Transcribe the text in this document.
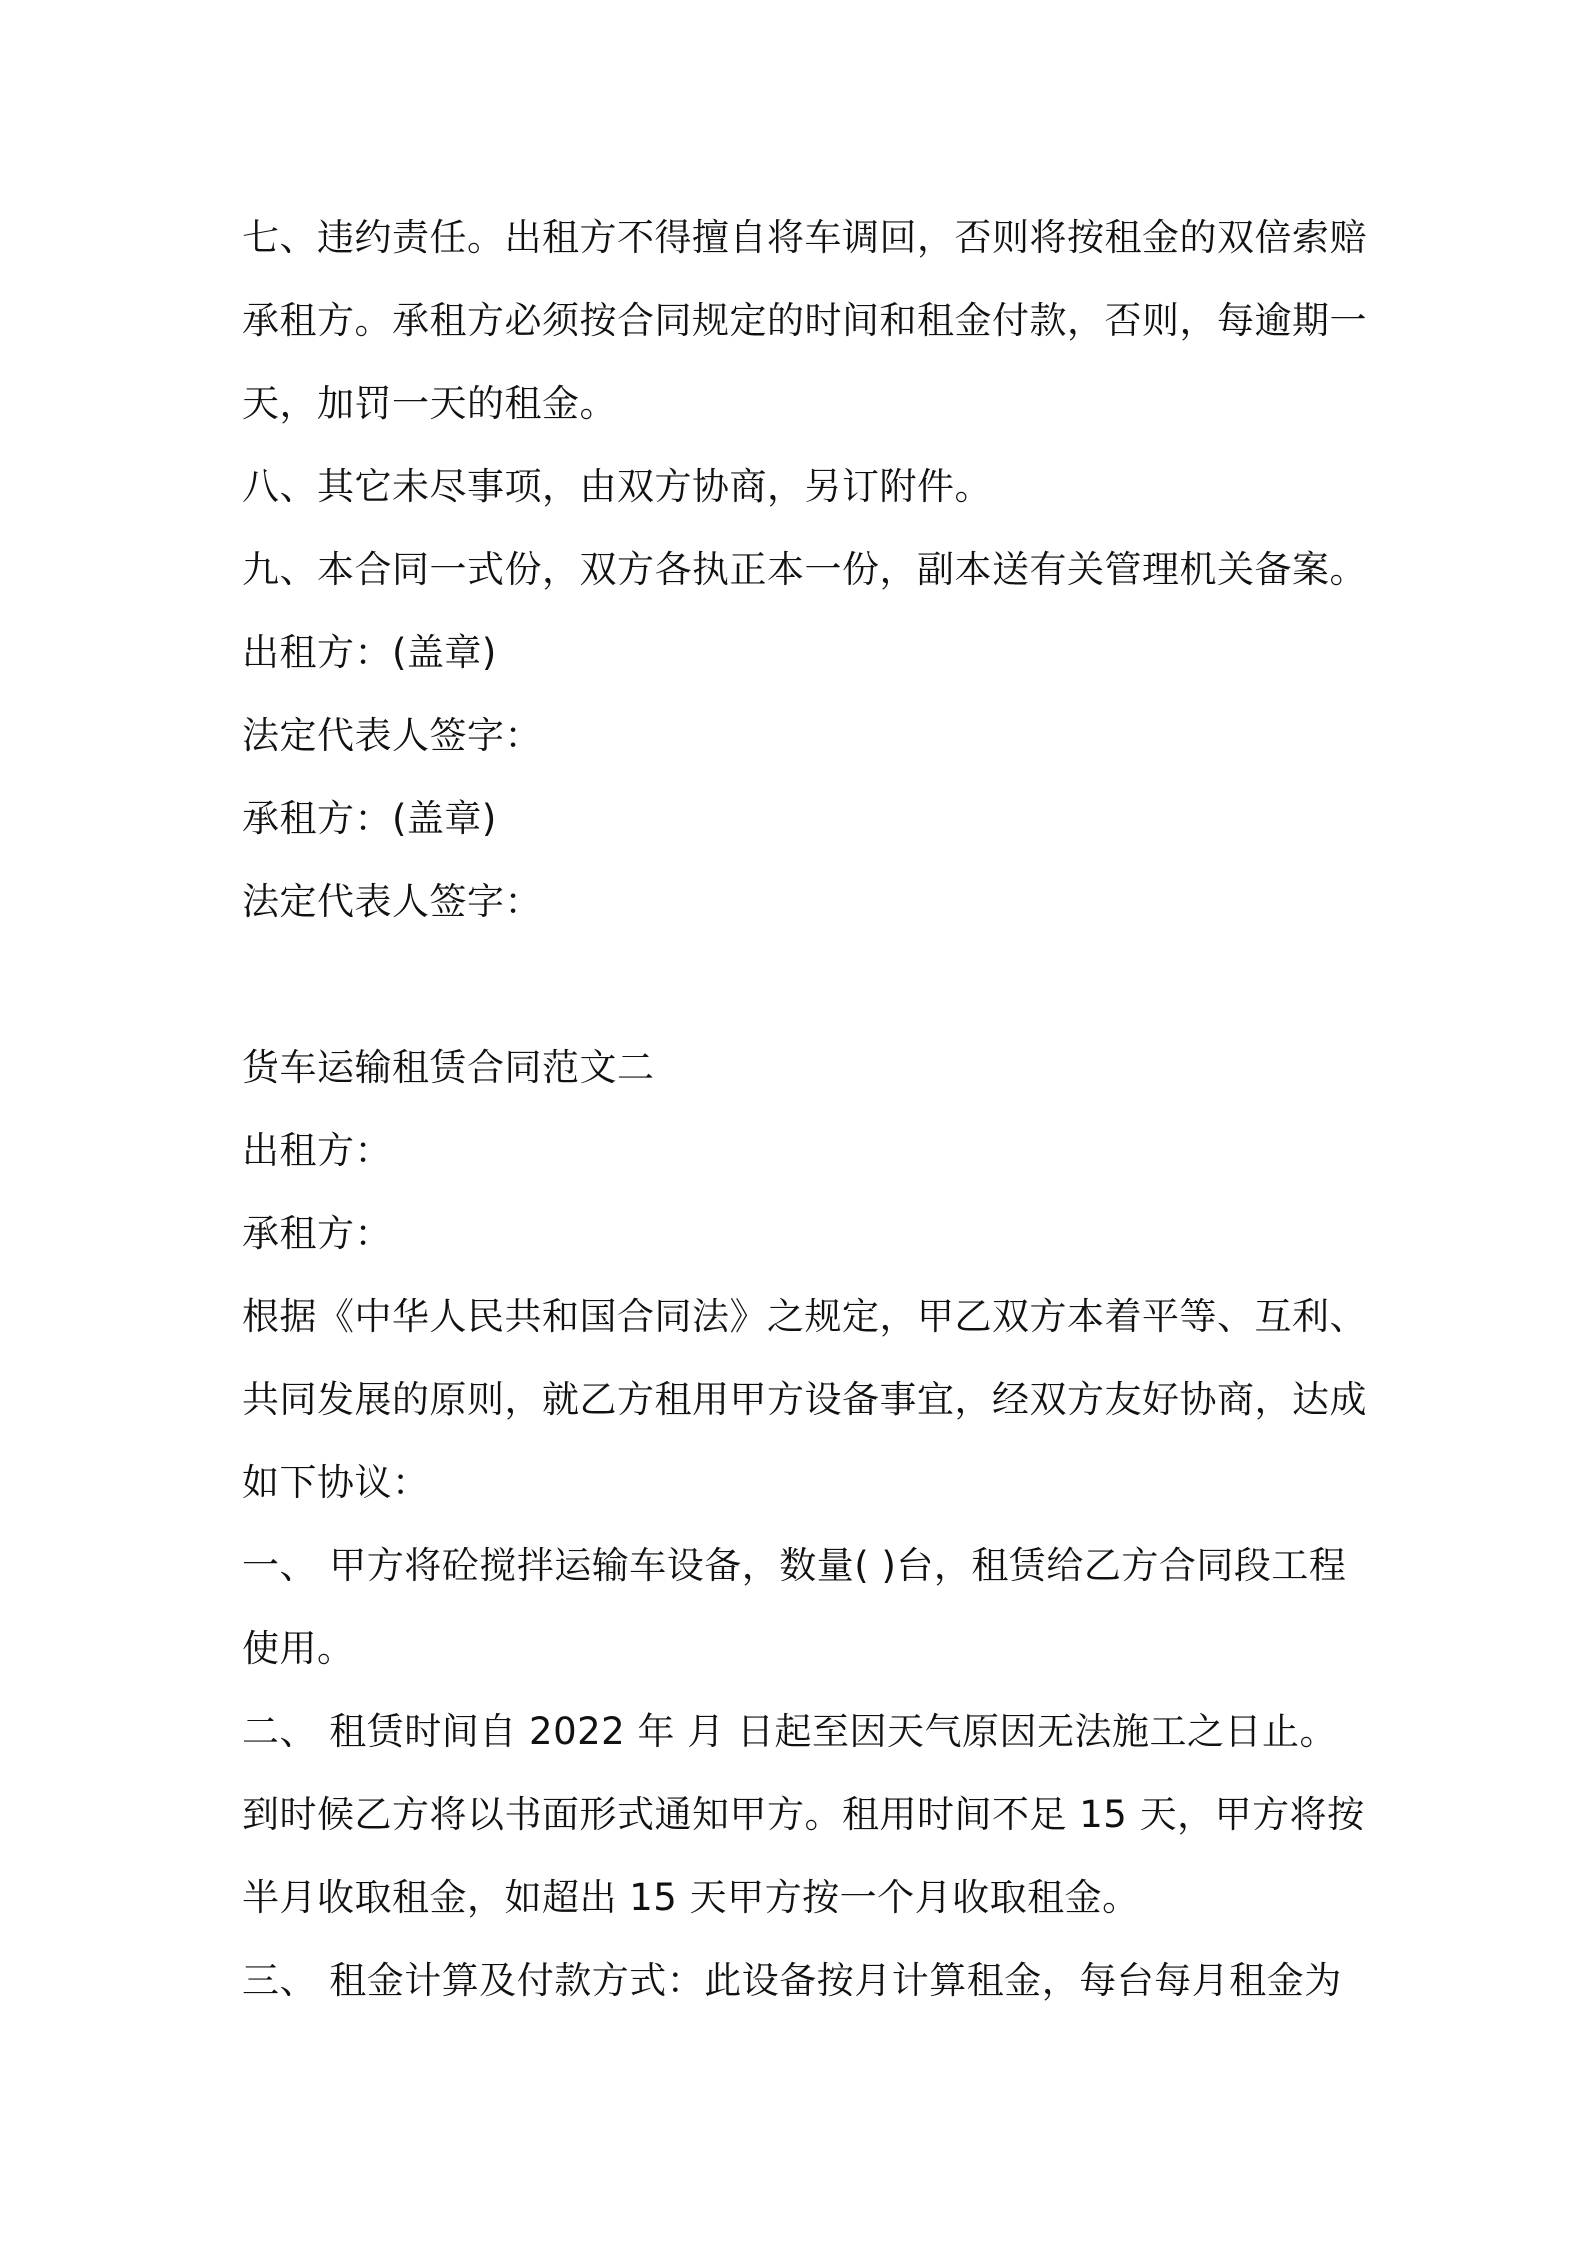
七、违约责任。出租方不得擅自将车调回，否则将按租金的双倍索赔
承租方。承租方必须按合同规定的时间和租金付款，否则，每逾期一
天，加罚一天的租金。
八、其它未尽事项，由双方协商，另订附件。
九、本合同一式份，双方各执正本一份，副本送有关管理机关备案。
出租方：(盖章)
法定代表人签字：
承租方：(盖章)
法定代表人签字：
货车运输租赁合同范文二
出租方：
承租方：
根据《中华人民共和国合同法》之规定，甲乙双方本着平等、互利、
共同发展的原则，就乙方租用甲方设备事宜，经双方友好协商，达成
如下协议：
一、 甲方将砼搅拌运输车设备，数量( )台，租赁给乙方合同段工程
使用。
二、 租赁时间自 2022 年 月 日起至因天气原因无法施工之日止。
到时候乙方将以书面形式通知甲方。租用时间不足 15 天，甲方将按
半月收取租金，如超出 15 天甲方按一个月收取租金。
三、 租金计算及付款方式：此设备按月计算租金，每台每月租金为
